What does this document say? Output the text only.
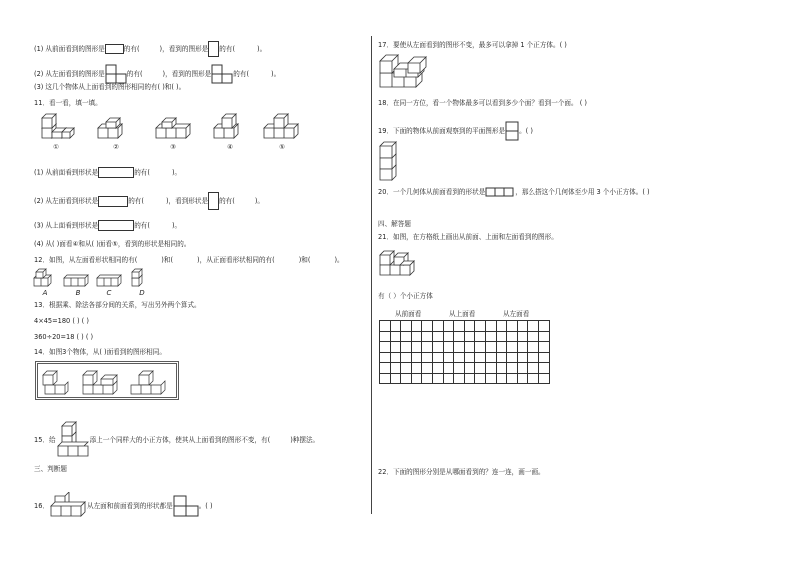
(1) 从前面看到的图形是	的有(	)，看到的图形是 的有(	)。
(2) 从左面看到的图形是	的有(	)，看到的图形是	的有(	)。
(3) 这几个物体从上面看到的图形相同的有( )和( )。
11．看一看，填一填。
①	②	③	④	⑤
(1) 从前面看到形状是	的有(	)。
(2) 从左面看到形状是	的有(	)，看到形状是 的有(	)。
(3) 从上面看到形状是	的有(	)。
(4) 从( )面看④和从( )面看⑤，看到的形状是相同的。
12．如图，从左面看形状相同的有(	)和(	)，从正面看形状相同的有(	)和(	)。
A	B	C	D
13．根据乘、除法各部分间的关系，写出另外两个算式。
4×45=180 ( ) ( )
360÷20=18 ( ) ( )
14．如图3个物体，从( )面看到的图形相同。
15．给	添上一个同样大的小正方体，使其从上面看到的图形不变，有(	)种摆法。
三、判断题
16．	从左面和前面看到的形状都是	。( )
17．要使从左面看到的图形不变，最多可以拿掉 1 个正方体。( )
18．在同一方位，看一个物体最多可以看到多少个面？看到一个面。 ( )
19．下面的物体从前面观察到的平面图形是 。( )
20．一个几何体从前面看到的形状是	，那么搭这个几何体至少用 3 个小正方体。( )
四、解答题
21．如图，在方格纸上画出从前面、上面和左面看到的图形。
有（ ）个小正方体
从前面看	从上面看	从左面看

22．下面的图形分别是从哪面看到的？连一连，画一画。
